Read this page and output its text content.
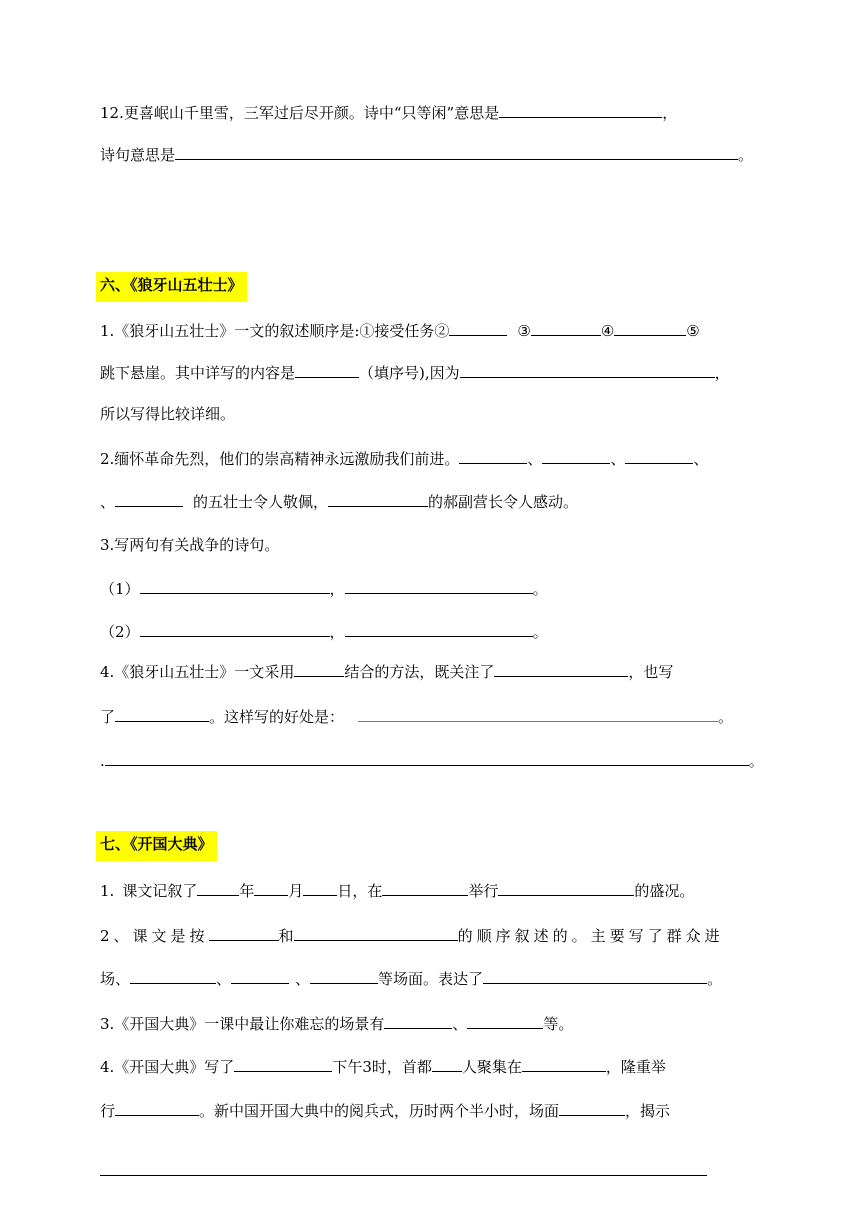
12.更喜岷山千里雪，三军过后尽开颜。诗中“只等闲”意思是	，
诗句意思是	。
六、《狼牙山五壮士》
1.《狼牙山五壮士》一文的叙述顺序是:①接受任务②	③	④	⑤
跳下悬崖。其中详写的内容是	（填序号),因为	，
所以写得比较详细。
2.缅怀革命先烈，他们的崇高精神永远激励我们前进。	、	、	、
、	的五壮士令人敬佩，	的郝副营长令人感动。
3.写两句有关战争的诗句。
（1）	，	。
（2）	，	。
4.《狼牙山五壮士》一文采用	结合的方法，既关注了	，也写
了	。这样写的好处是：	。
.	。
七、《开国大典》
1. 课文记叙了	年 月 日，在	举行	的盛况。
2、课文是按	和	的顺序叙述的。主要写了群众进
场、	、	、	等场面。表达了	。
3.《开国大典》一课中最让你难忘的场景有	、	等。
4.《开国大典》写了	下午3时，首都 人聚集在	，隆重举
行	。新中国开国大典中的阅兵式，历时两个半小时，场面	，揭示
